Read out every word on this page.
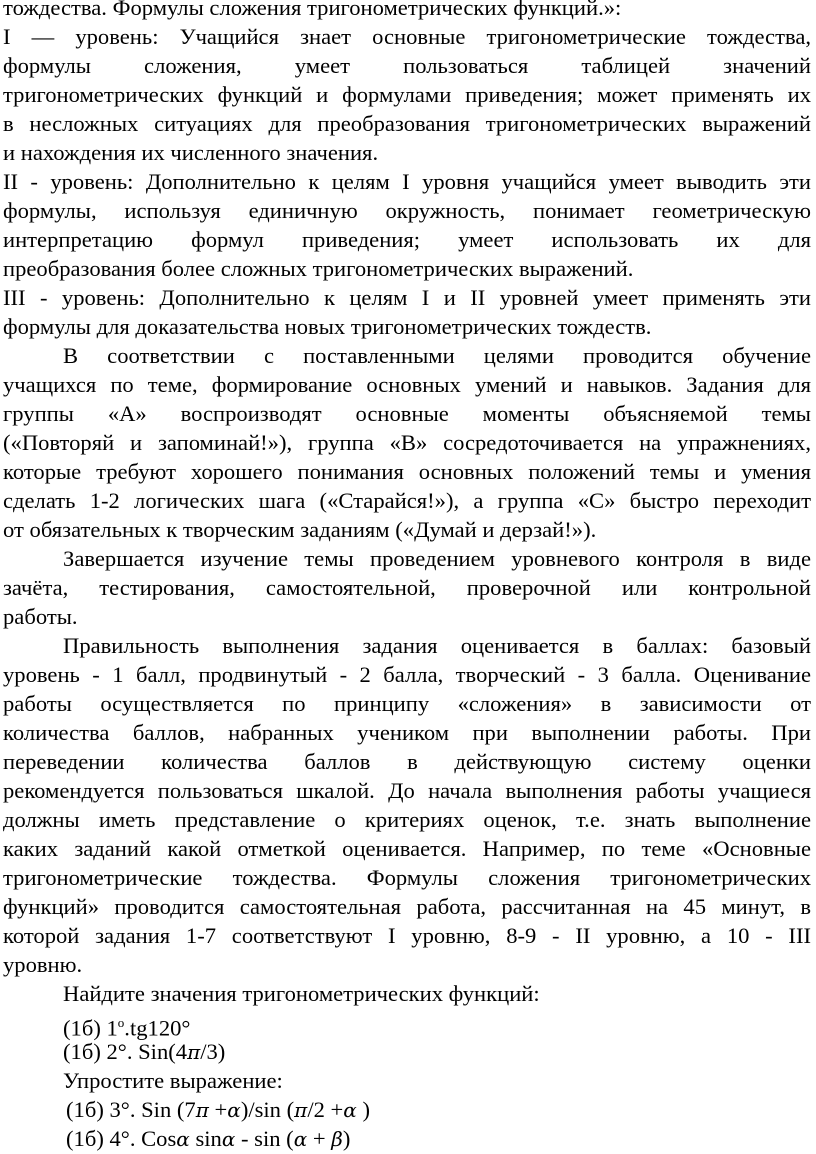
тождества. Формулы сложения тригонометрических функций.»:
I — уровень: Учащийся знает основные тригонометрические тождества,
формулы сложения, умеет пользоваться таблицей значений
тригонометрических функций и формулами приведения; может применять их
в несложных ситуациях для преобразования тригонометрических выражений
и нахождения их численного значения.
II - уровень: Дополнительно к целям I уровня учащийся умеет выводить эти
формулы, используя единичную окружность, понимает геометрическую
интерпретацию формул приведения; умеет использовать их для
преобразования более сложных тригонометрических выражений.
III - уровень: Дополнительно к целям I и II уровней умеет применять эти
формулы для доказательства новых тригонометрических тождеств.
В соответствии с поставленными целями проводится обучение
учащихся по теме, формирование основных умений и навыков. Задания для
группы «А» воспроизводят основные моменты объясняемой темы
(«Повторяй и запоминай!»), группа «В» сосредоточивается на упражнениях,
которые требуют хорошего понимания основных положений темы и умения
сделать 1-2 логических шага («Старайся!»), а группа «С» быстро переходит
от обязательных к творческим заданиям («Думай и дерзай!»).
Завершается изучение темы проведением уровневого контроля в виде
зачёта, тестирования, самостоятельной, проверочной или контрольной
работы.
Правильность выполнения задания оценивается в баллах: базовый
уровень - 1 балл, продвинутый - 2 балла, творческий - 3 балла. Оценивание
работы осуществляется по принципу «сложения» в зависимости от
количества баллов, набранных учеником при выполнении работы. При
переведении количества баллов в действующую систему оценки
рекомендуется пользоваться шкалой. До начала выполнения работы учащиеся
должны иметь представление о критериях оценок, т.е. знать выполнение
каких заданий какой отметкой оценивается. Например, по теме «Основные
тригонометрические тождества. Формулы сложения тригонометрических
функций» проводится самостоятельная работа, рассчитанная на 45 минут, в
которой задания 1-7 соответствуют I уровню, 8-9 - II уровню, а 10 - III
уровню.
Найдите значения тригонометрических функций:
(1б) 1$^o$.tg120°
(1б) 2°. Sin(4π/3)
Упростите выражение:
(1б) 3°. Sin (7π +α)/sin (π/2 +α )
(1б) 4°. Cosα sinα - sin (α + β)
